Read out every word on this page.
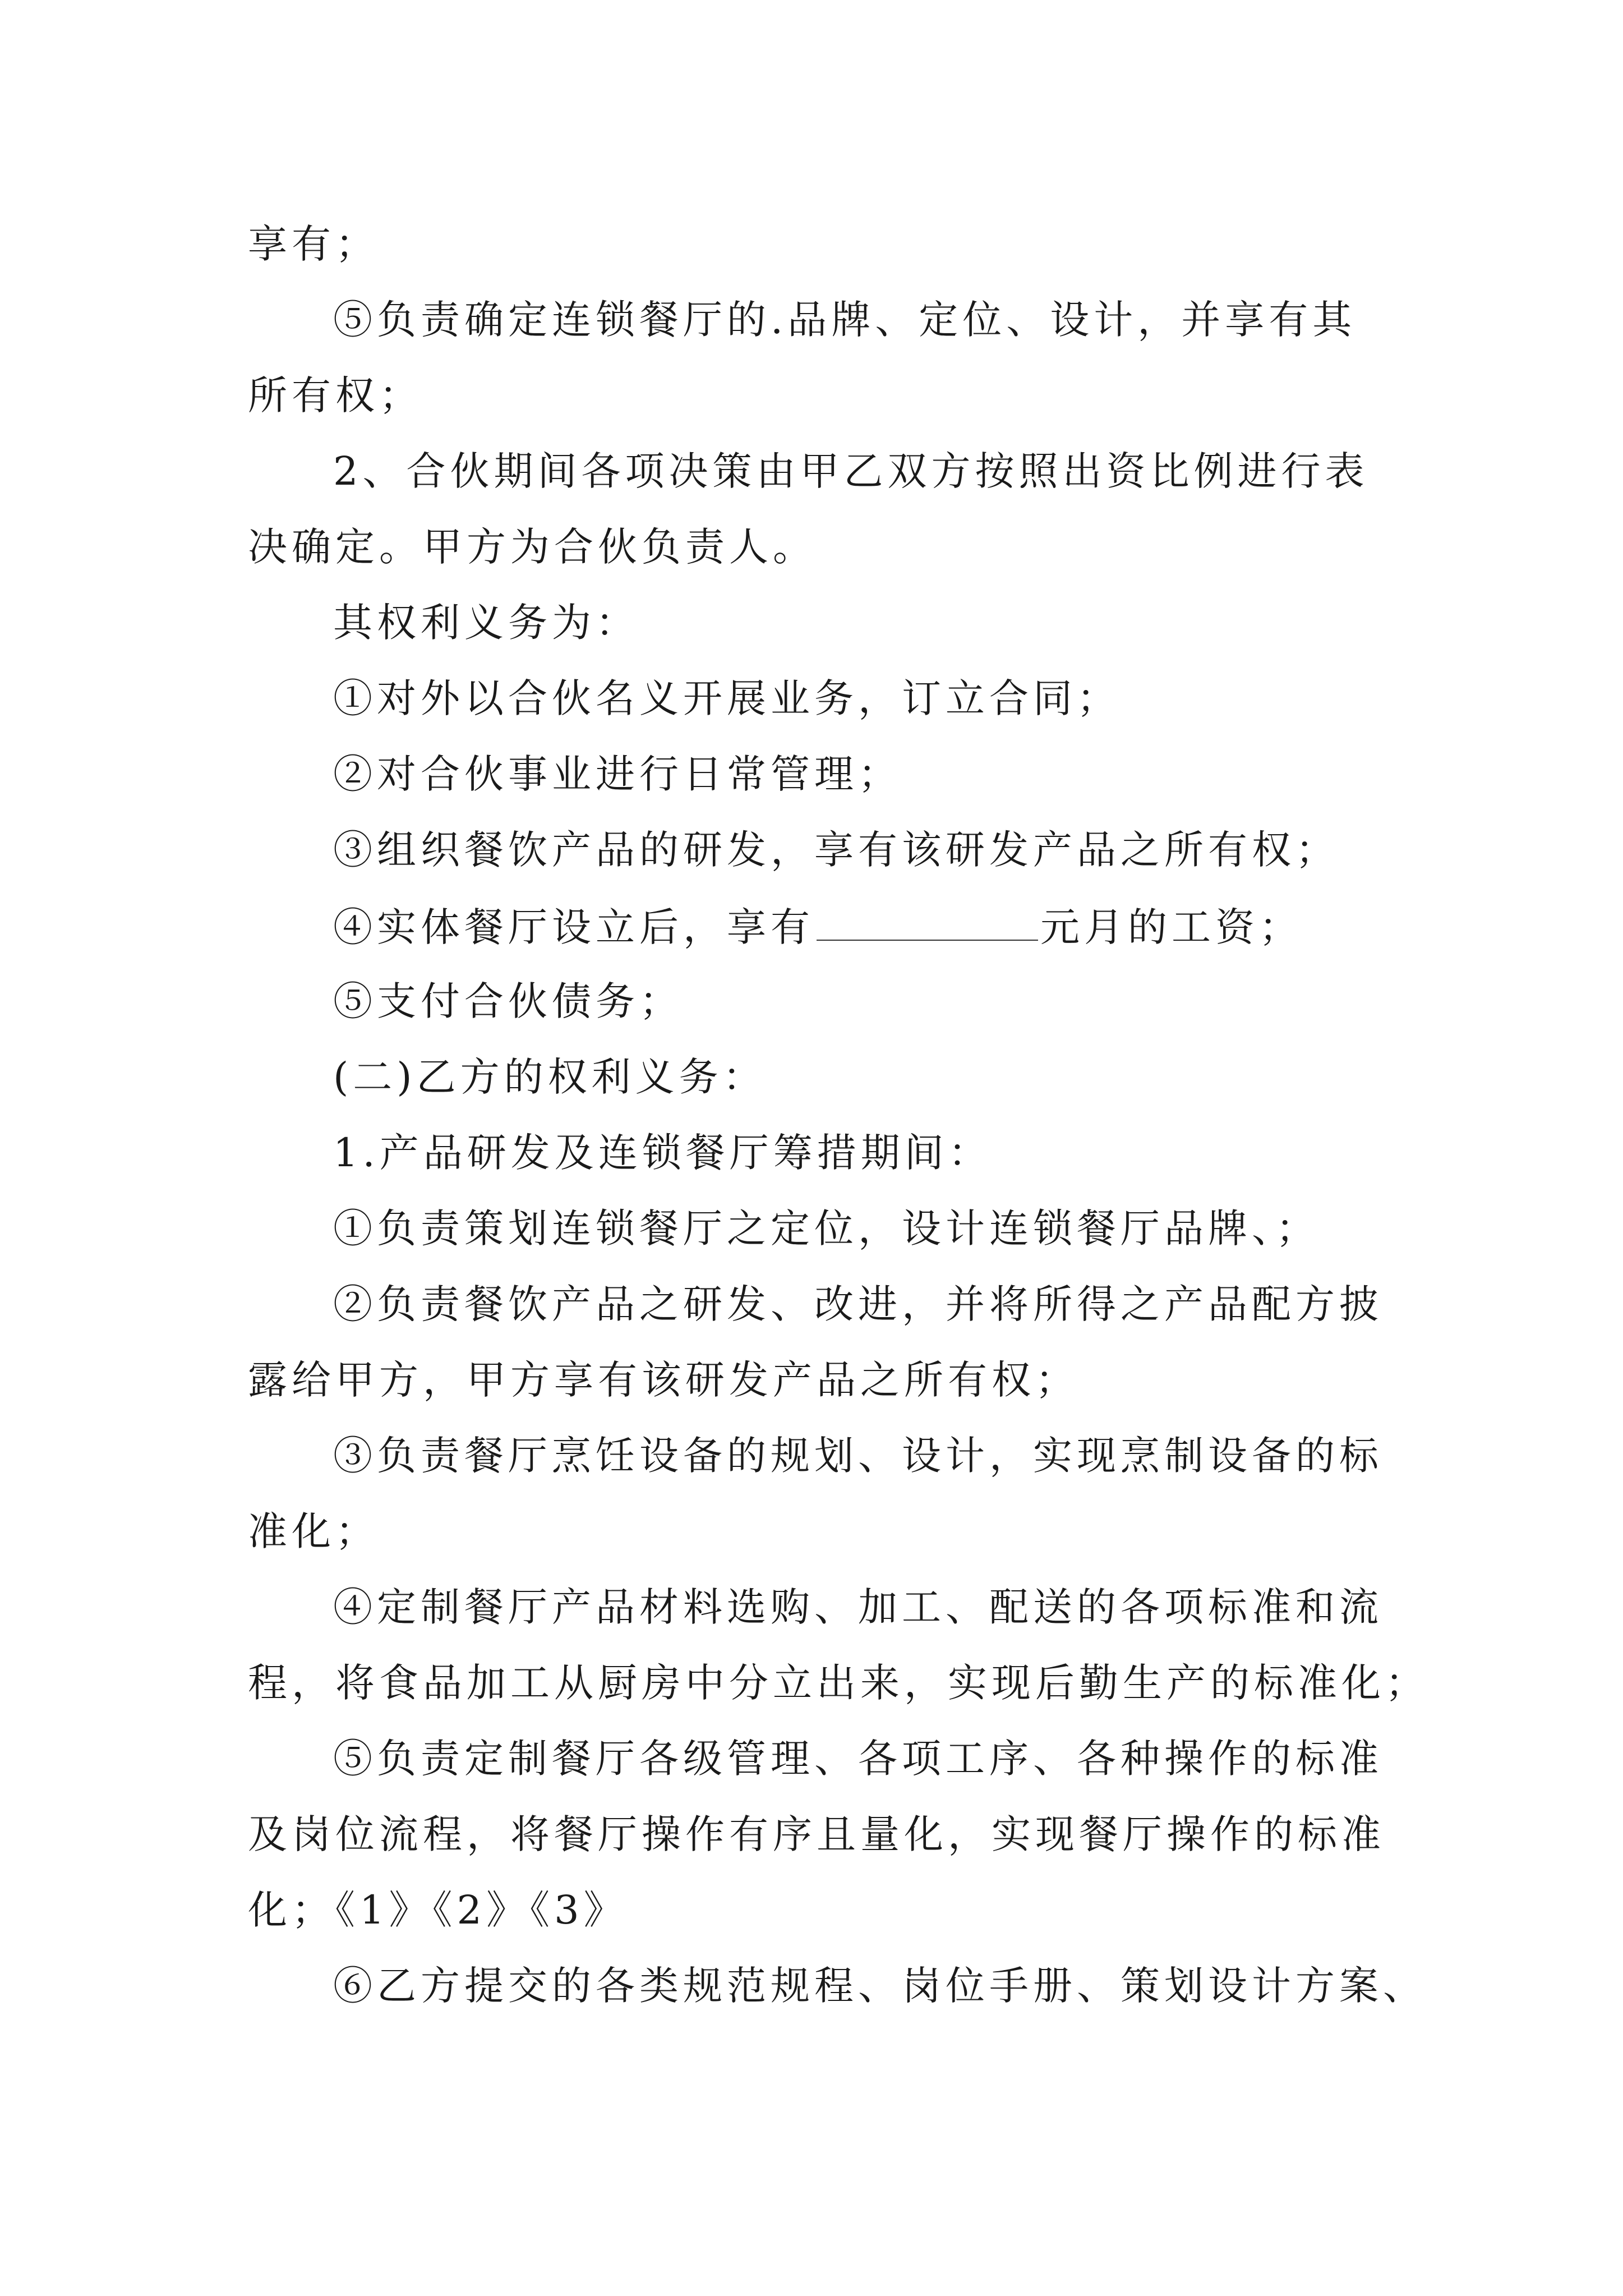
享有；
⑤负责确定连锁餐厅的.品牌、定位、设计，并享有其
所有权；
2、合伙期间各项决策由甲乙双方按照出资比例进行表
决确定。甲方为合伙负责人。
其权利义务为：
①对外以合伙名义开展业务，订立合同；
②对合伙事业进行日常管理；
③组织餐饮产品的研发，享有该研发产品之所有权；
④实体餐厅设立后，享有	元月的工资；
⑤支付合伙债务；
(二)乙方的权利义务：
1.产品研发及连锁餐厅筹措期间：
①负责策划连锁餐厅之定位，设计连锁餐厅品牌、；
②负责餐饮产品之研发、改进，并将所得之产品配方披
露给甲方，甲方享有该研发产品之所有权；
③负责餐厅烹饪设备的规划、设计，实现烹制设备的标
准化；
④定制餐厅产品材料选购、加工、配送的各项标准和流
程，将食品加工从厨房中分立出来，实现后勤生产的标准化；
⑤负责定制餐厅各级管理、各项工序、各种操作的标准
及岗位流程，将餐厅操作有序且量化，实现餐厅操作的标准
化；《1》《2》《3》
⑥乙方提交的各类规范规程、岗位手册、策划设计方案、
